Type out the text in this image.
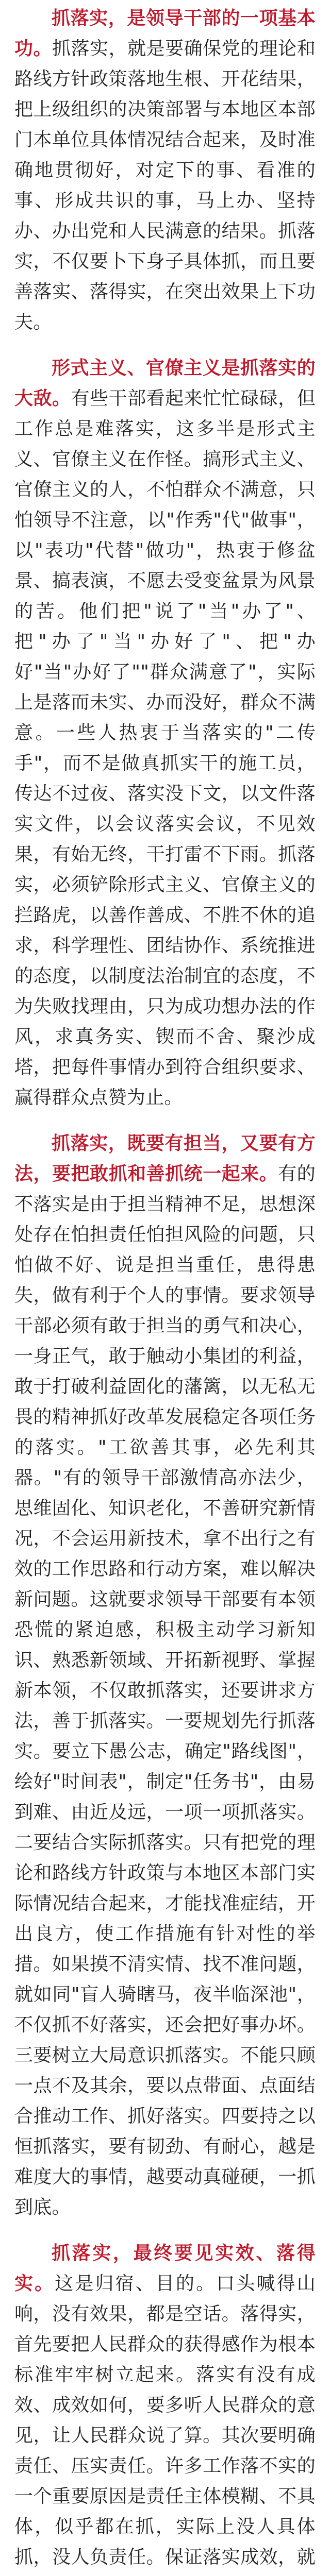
抓落实，是领导干部的一项基本功。抓落实，就是要确保党的理论和路线方针政策落地生根、开花结果，把上级组织的决策部署与本地区本部门本单位具体情况结合起来，及时准确地贯彻好，对定下的事、看准的事、形成共识的事，马上办、坚持办、办出党和人民满意的结果。抓落实，不仅要卜下身子具体抓，而且要善落实、落得实，在突出效果上下功夫。

形式主义、官僚主义是抓落实的大敌。有些干部看起来忙忙碌碌，但工作总是难落实，这多半是形式主义、官僚主义在作怪。搞形式主义、官僚主义的人，不怕群众不满意，只怕领导不注意，以"作秀"代"做事"，以"表功"代替"做功"，热衷于修盆景、搞表演，不愿去受变盆景为风景的苦。他们把"说了"当"办了"、把"办了"当"办好了"、把"办好"当"办好了""群众满意了"，实际上是落而未实、办而没好，群众不满意。一些人热衷于当落实的"二传手"，而不是做真抓实干的施工员，传达不过夜、落实没下文，以文件落实文件，以会议落实会议，不见效果，有始无终，干打雷不下雨。抓落实，必须铲除形式主义、官僚主义的拦路虎，以善作善成、不胜不休的追求，科学理性、团结协作、系统推进的态度，以制度法治制宜的态度，不为失败找理由，只为成功想办法的作风，求真务实、锲而不舍、聚沙成塔，把每件事情办到符合组织要求、赢得群众点赞为止。

抓落实，既要有担当，又要有方法，要把敢抓和善抓统一起来。有的不落实是由于担当精神不足，思想深处存在怕担责任怕担风险的问题，只怕做不好、说是担当重任，患得患失，做有利于个人的事情。要求领导干部必须有敢于担当的勇气和决心，一身正气，敢于触动小集团的利益，敢于打破利益固化的藩篱，以无私无畏的精神抓好改革发展稳定各项任务的落实。"工欲善其事，必先利其器。"有的领导干部激情高亦法少，思维固化、知识老化，不善研究新情况，不会运用新技术，拿不出行之有效的工作思路和行动方案，难以解决新问题。这就要求领导干部要有本领恐慌的紧迫感，积极主动学习新知识、熟悉新领域、开拓新视野、掌握新本领，不仅敢抓落实，还要讲求方法，善于抓落实。一要规划先行抓落实。要立下愚公志，确定"路线图"，绘好"时间表"，制定"任务书"，由易到难、由近及远，一项一项抓落实。二要结合实际抓落实。只有把党的理论和路线方针政策与本地区本部门实际情况结合起来，才能找准症结，开出良方，使工作措施有针对性的举措。如果摸不清实情、找不准问题，就如同"盲人骑瞎马，夜半临深池"，不仅抓不好落实，还会把好事办坏。三要树立大局意识抓落实。不能只顾一点不及其余，要以点带面、点面结合推动工作、抓好落实。四要持之以恒抓落实，要有韧劲、有耐心，越是难度大的事情，越要动真碰硬，一抓到底。

抓落实，最终要见实效、落得实。这是归宿、目的。口头喊得山响，没有效果，都是空话。落得实，首先要把人民群众的获得感作为根本标准牢牢树立起来。落实有没有成效、成效如何，要多听人民群众的意见，让人民群众说了算。其次要明确责任、压实责任。许多工作落不实的一个重要原因是责任主体模糊、不具体，似乎都在抓，实际上没人具体抓，没人负责任。保证落实成效，就
